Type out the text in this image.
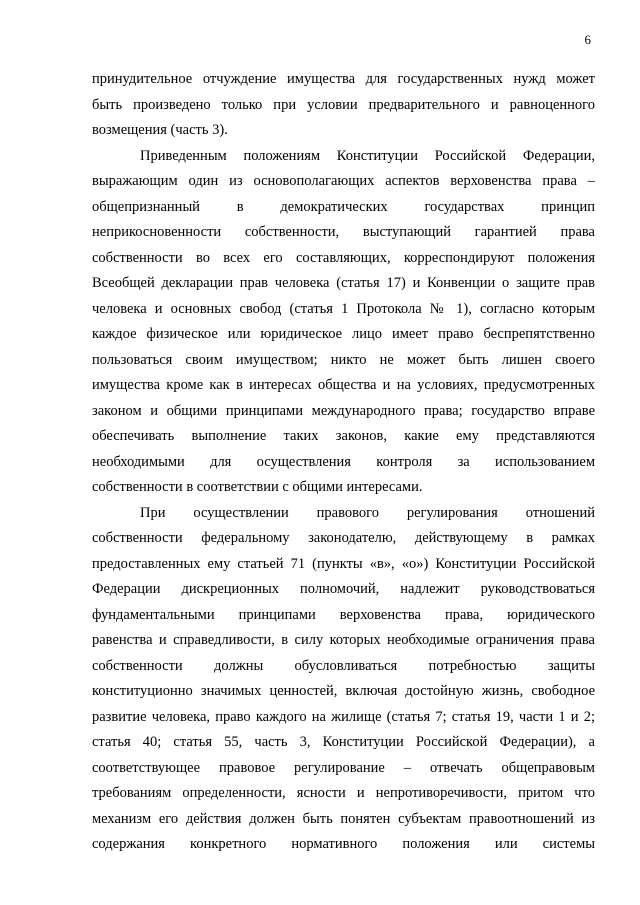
6
принудительное отчуждение имущества для государственных нужд может
быть произведено только при условии предварительного и равноценного
возмещения (часть 3).
Приведенным положениям Конституции Российской Федерации,
выражающим один из основополагающих аспектов верховенства права –
общепризнанный в демократических государствах принцип
неприкосновенности собственности, выступающий гарантией права
собственности во всех его составляющих, корреспондируют положения
Всеобщей декларации прав человека (статья 17) и Конвенции о защите прав
человека и основных свобод (статья 1 Протокола № 1), согласно которым
каждое физическое или юридическое лицо имеет право беспрепятственно
пользоваться своим имуществом; никто не может быть лишен своего
имущества кроме как в интересах общества и на условиях, предусмотренных
законом и общими принципами международного права; государство вправе
обеспечивать выполнение таких законов, какие ему представляются
необходимыми для осуществления контроля за использованием
собственности в соответствии с общими интересами.
При осуществлении правового регулирования отношений
собственности федеральному законодателю, действующему в рамках
предоставленных ему статьей 71 (пункты «в», «о») Конституции Российской
Федерации дискреционных полномочий, надлежит руководствоваться
фундаментальными принципами верховенства права, юридического
равенства и справедливости, в силу которых необходимые ограничения права
собственности должны обусловливаться потребностью защиты
конституционно значимых ценностей, включая достойную жизнь, свободное
развитие человека, право каждого на жилище (статья 7; статья 19, части 1 и 2;
статья 40; статья 55, часть 3, Конституции Российской Федерации), а
соответствующее правовое регулирование – отвечать общеправовым
требованиям определенности, ясности и непротиворечивости, притом что
механизм его действия должен быть понятен субъектам правоотношений из
содержания конкретного нормативного положения или системы
